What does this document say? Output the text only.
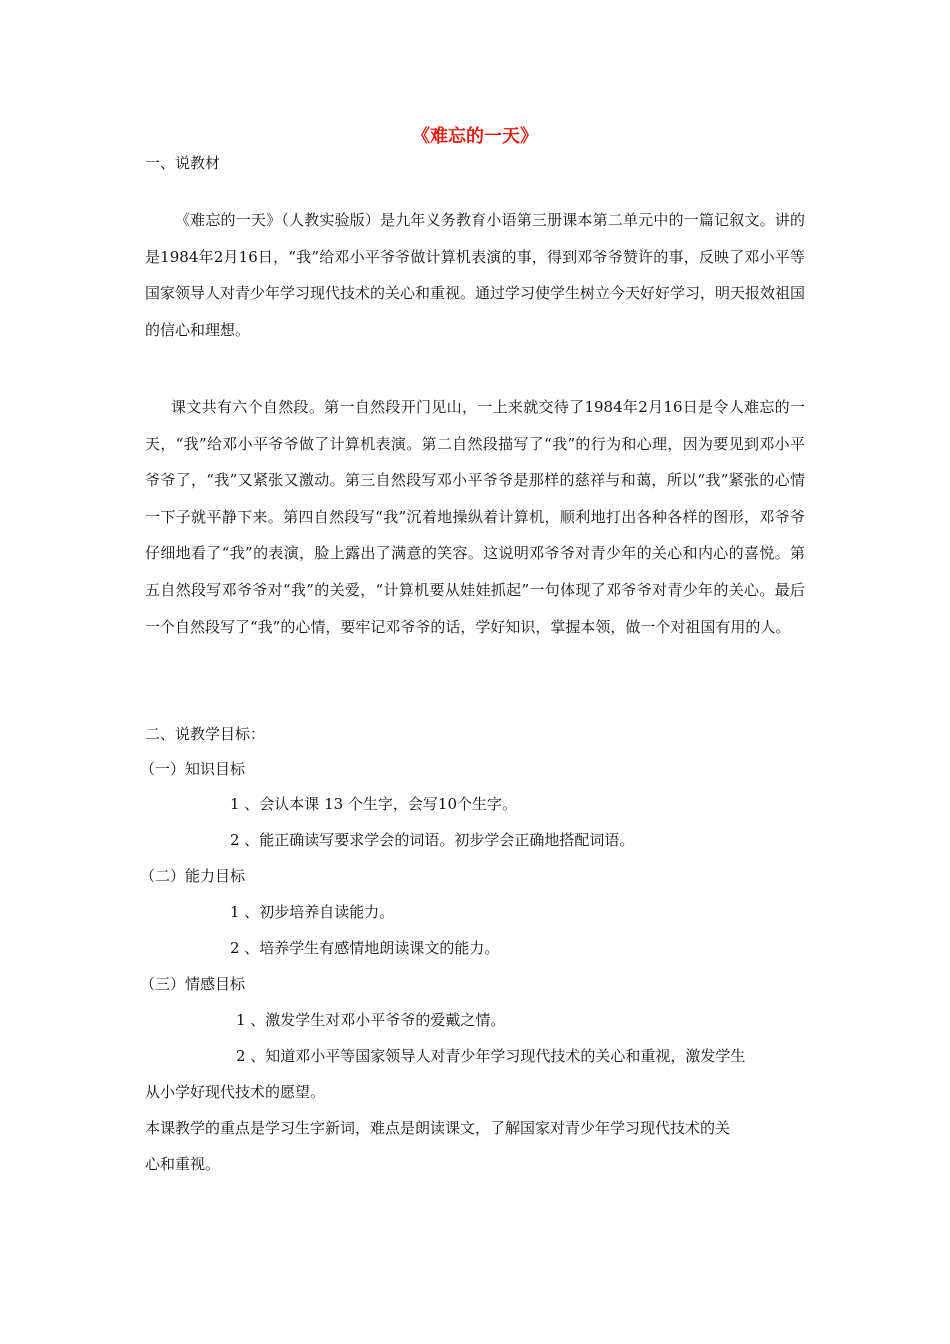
《难忘的一天》
一、说教材

《难忘的一天》（人教实验版）是九年义务教育小语第三册课本第二单元中的一篇记叙文。讲的是1984年2月16日，“我”给邓小平爷爷做计算机表演的事，得到邓爷爷赞许的事，反映了邓小平等国家领导人对青少年学习现代技术的关心和重视。通过学习使学生树立今天好好学习，明天报效祖国的信心和理想。

课文共有六个自然段。第一自然段开门见山，一上来就交待了1984年2月16日是令人难忘的一天，“我”给邓小平爷爷做了计算机表演。第二自然段描写了“我”的行为和心理，因为要见到邓小平爷爷了，“我”又紧张又激动。第三自然段写邓小平爷爷是那样的慈祥与和蔼，所以“我”紧张的心情一下子就平静下来。第四自然段写“我”沉着地操纵着计算机，顺利地打出各种各样的图形，邓爷爷仔细地看了“我”的表演，脸上露出了满意的笑容。这说明邓爷爷对青少年的关心和内心的喜悦。第五自然段写邓爷爷对“我”的关爱，“计算机要从娃娃抓起”一句体现了邓爷爷对青少年的关心。最后一个自然段写了“我”的心情，要牢记邓爷爷的话，学好知识，掌握本领，做一个对祖国有用的人。

二、说教学目标：
（一）知识目标
1 、会认本课 13 个生字，会写10个生字。
2 、能正确读写要求学会的词语。初步学会正确地搭配词语。
（二）能力目标
1 、初步培养自读能力。
2 、培养学生有感情地朗读课文的能力。
（三）情感目标
1 、激发学生对邓小平爷爷的爱戴之情。
2 、知道邓小平等国家领导人对青少年学习现代技术的关心和重视，激发学生
从小学好现代技术的愿望。
本课教学的重点是学习生字新词，难点是朗读课文，了解国家对青少年学习现代技术的关
心和重视。
